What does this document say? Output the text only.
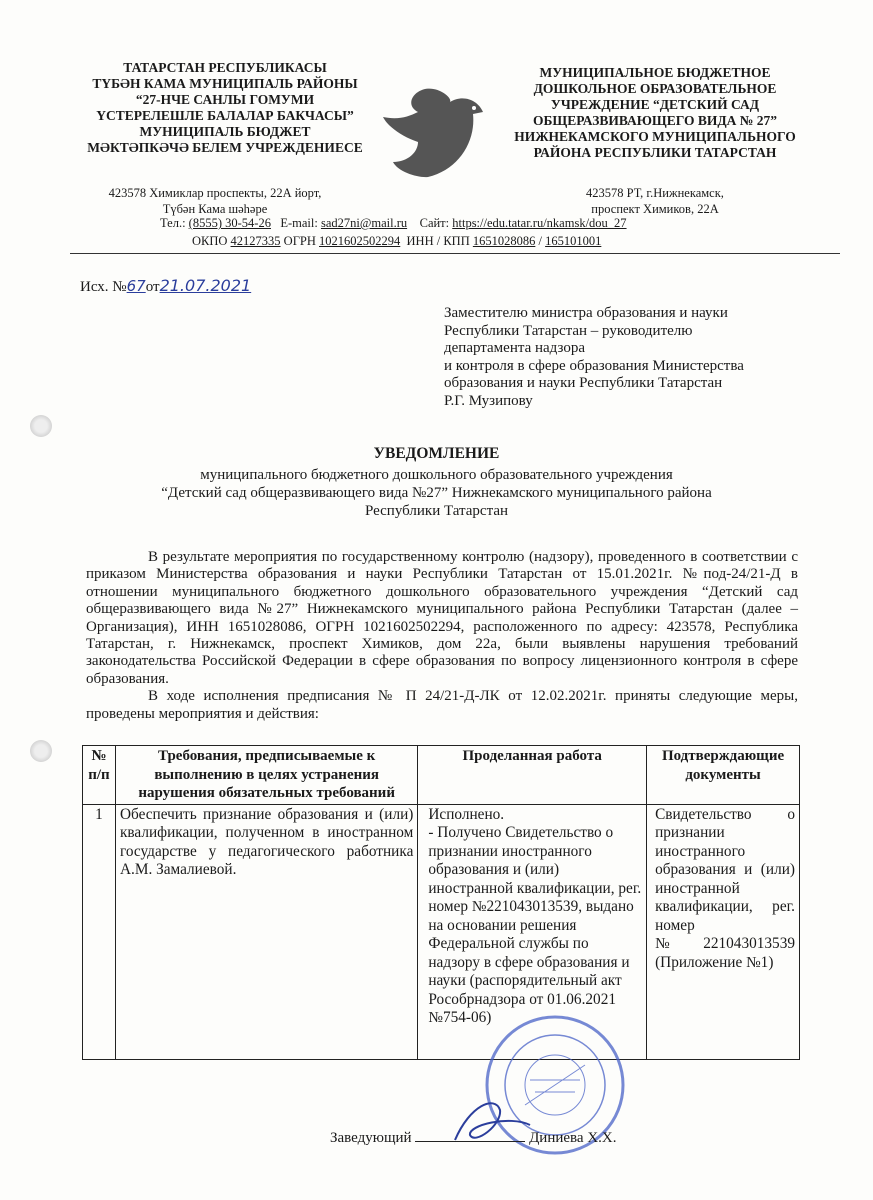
ТАТАРСТАН РЕСПУБЛИКАСЫ
ТҮБӘН КАМА МУНИЦИПАЛЬ РАЙОНЫ
“27-НЧЕ САНЛЫ ГОМУМИ
ҮСТЕРЕЛЕШЛЕ БАЛАЛАР БАКЧАСЫ”
МУНИЦИПАЛЬ БЮДЖЕТ
МӘКТӘПКӘЧӘ БЕЛЕМ УЧРЕЖДЕНИЕСЕ
МУНИЦИПАЛЬНОЕ БЮДЖЕТНОЕ
ДОШКОЛЬНОЕ ОБРАЗОВАТЕЛЬНОЕ
УЧРЕЖДЕНИЕ “ДЕТСКИЙ САД
ОБЩЕРАЗВИВАЮЩЕГО ВИДА № 27”
НИЖНЕКАМСКОГО МУНИЦИПАЛЬНОГО
РАЙОНА РЕСПУБЛИКИ ТАТАРСТАН
423578 Химиклар проспекты, 22А йорт,
Түбән Кама шәһәре
423578 РТ, г.Нижнекамск,
проспект Химиков, 22А
Тел.: (8555) 30-54-26 E-mail: sad27ni@mail.ru Сайт: https://edu.tatar.ru/nkamsk/dou_27
ОКПО 42127335 ОГРН 1021602502294 ИНН / КПП 1651028086 / 165101001
Исх. №67от21.07.2021
Заместителю министра образования и науки
Республики Татарстан – руководителю
департамента надзора
и контроля в сфере образования Министерства
образования и науки Республики Татарстан
Р.Г. Музипову
УВЕДОМЛЕНИЕ
муниципального бюджетного дошкольного образовательного учреждения
“Детский сад общеразвивающего вида №27” Нижнекамского муниципального района
Республики Татарстан

В результате мероприятия по государственному контролю (надзору), проведенного в соответствии с приказом Министерства образования и науки Республики Татарстан от 15.01.2021г. №под-24/21-Д в отношении муниципального бюджетного дошкольного образовательного учреждения “Детский сад общеразвивающего вида №27” Нижнекамского муниципального района Республики Татарстан (далее – Организация), ИНН 1651028086, ОГРН 1021602502294, расположенного по адресу: 423578, Республика Татарстан, г. Нижнекамск, проспект Химиков, дом 22а, были выявлены нарушения требований законодательства Российской Федерации в сфере образования по вопросу лицензионного контроля в сфере образования.

В ходе исполнения предписания № П 24/21-Д-ЛК от 12.02.2021г. приняты следующие меры, проведены мероприятия и действия:

№ п/п	Требования, предписываемые к выполнению в целях устранения нарушения обязательных требований	Проделанная работа	Подтверждающие документы
1	Обеспечить признание образования и (или) квалификации, полученном в иностранном государстве у педагогического работника А.М. Замалиевой.	Исполнено.
- Получено Свидетельство о признании иностранного образования и (или) иностранной квалификации, рег. номер №221043013539, выдано на основании решения Федеральной службы по надзору в сфере образования и науки (распорядительный акт Рособрнадзора от 01.06.2021 №754-06)	Свидетельство о признании иностранного образования и (или) иностранной квалификации, рег. номер №221043013539 (Приложение №1)
Заведующий	Диниева Х.Х.
